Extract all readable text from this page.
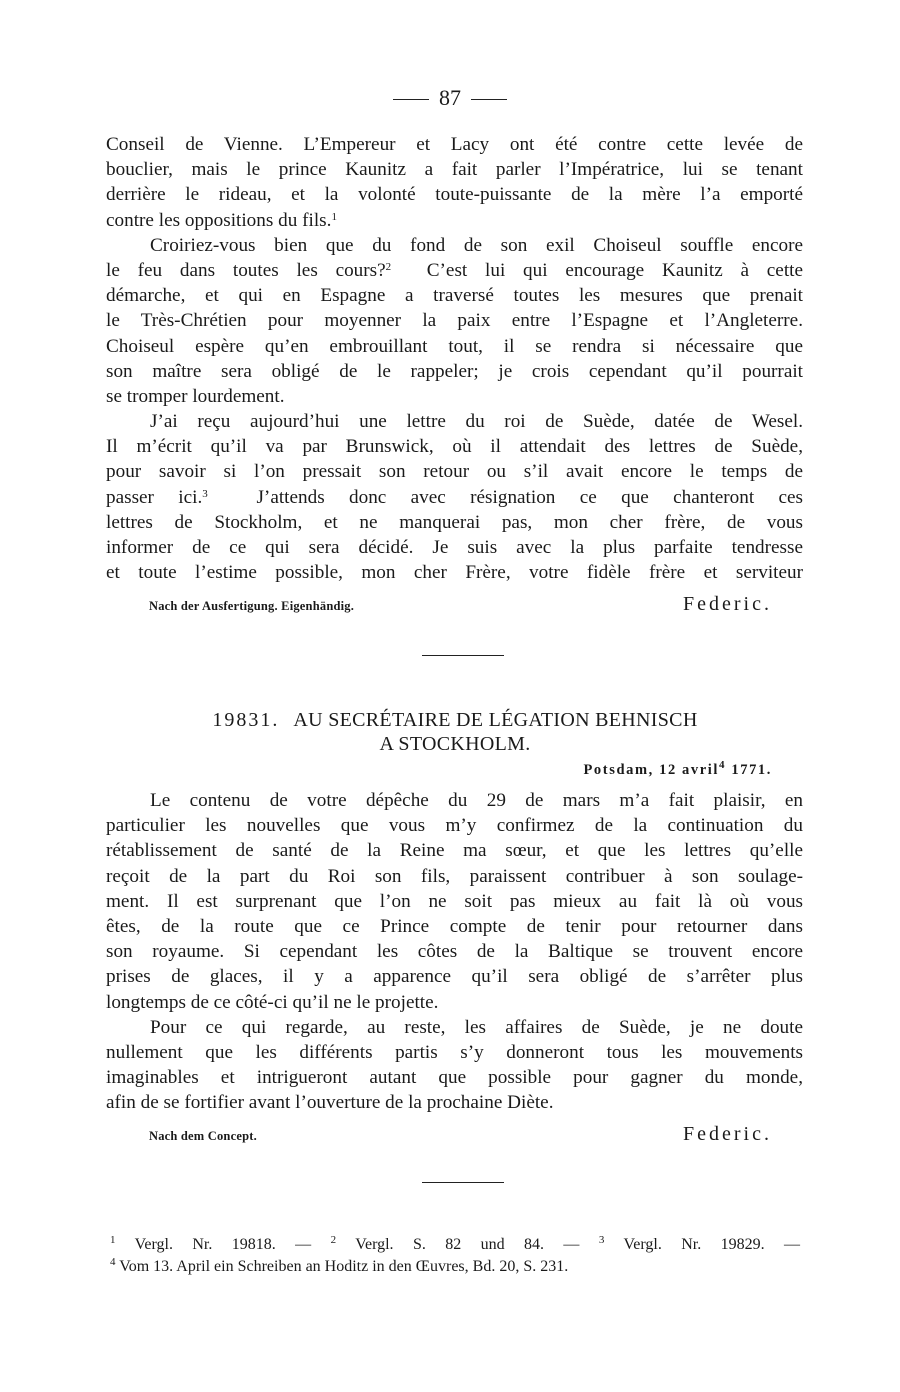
87
Conseil de Vienne. L’Empereur et Lacy ont été contre cette levée de
bouclier, mais le prince Kaunitz a fait parler l’Impératrice, lui se tenant
derrière le rideau, et la volonté toute-puissante de la mère l’a emporté
contre les oppositions du fils.$^1$
Croiriez-vous bien que du fond de son exil Choiseul souffle encore
le feu dans toutes les cours?$^2$ C’est lui qui encourage Kaunitz à cette
démarche, et qui en Espagne a traversé toutes les mesures que prenait
le Très-Chrétien pour moyenner la paix entre l’Espagne et l’Angleterre.
Choiseul espère qu’en embrouillant tout, il se rendra si nécessaire que
son maître sera obligé de le rappeler; je crois cependant qu’il pourrait
se tromper lourdement.
J’ai reçu aujourd’hui une lettre du roi de Suède, datée de Wesel.
Il m’écrit qu’il va par Brunswick, où il attendait des lettres de Suède,
pour savoir si l’on pressait son retour ou s’il avait encore le temps de
passer ici.$^3$	J’attends donc avec résignation ce que chanteront ces
lettres de Stockholm, et ne manquerai pas, mon cher frère, de vous
informer de ce qui sera décidé. Je suis avec la plus parfaite tendresse
et toute l’estime possible, mon cher Frère, votre fidèle frère et serviteur
Nach der Ausfertigung. Eigenhändig.	Federic.
19831. AU SECRÉTAIRE DE LÉGATION BEHNISCH
A STOCKHOLM.
Potsdam, 12 avril$^4$ 1771.
Le contenu de votre dépêche du 29 de mars m’a fait plaisir, en
particulier les nouvelles que vous m’y confirmez de la continuation du
rétablissement de santé de la Reine ma sœur, et que les lettres qu’elle
reçoit de la part du Roi son fils, paraissent contribuer à son soulage-
ment. Il est surprenant que l’on ne soit pas mieux au fait là où vous
êtes, de la route que ce Prince compte de tenir pour retourner dans
son royaume. Si cependant les côtes de la Baltique se trouvent encore
prises de glaces, il y a apparence qu’il sera obligé de s’arrêter plus
longtemps de ce côté-ci qu’il ne le projette.
Pour ce qui regarde, au reste, les affaires de Suède, je ne doute
nullement que les différents partis s’y donneront tous les mouvements
imaginables et intrigueront autant que possible pour gagner du monde,
afin de se fortifier avant l’ouverture de la prochaine Diète.
Nach dem Concept.	Federic.
$^1$ Vergl. Nr. 19818. — $^2$ Vergl. S. 82 und 84. — $^3$ Vergl. Nr. 19829. —
$^4$ Vom 13. April ein Schreiben an Hoditz in den Œuvres, Bd. 20, S. 231.
